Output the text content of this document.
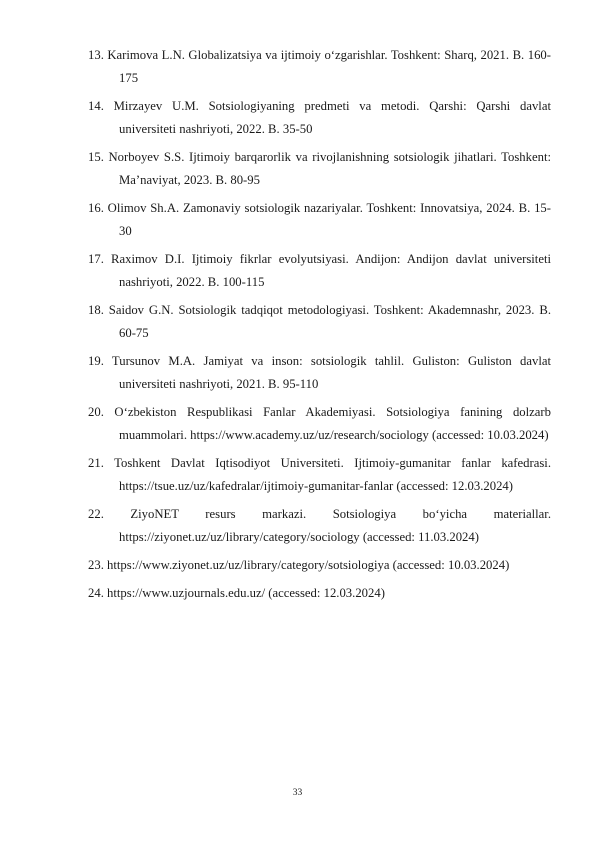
13. Karimova L.N. Globalizatsiya va ijtimoiy o‘zgarishlar. Toshkent: Sharq, 2021. B. 160-175
14. Mirzayev U.M. Sotsiologiyaning predmeti va metodi. Qarshi: Qarshi davlat universiteti nashriyoti, 2022. B. 35-50
15. Norboyev S.S. Ijtimoiy barqarorlik va rivojlanishning sotsiologik jihatlari. Toshkent: Ma’naviyat, 2023. B. 80-95
16. Olimov Sh.A. Zamonaviy sotsiologik nazariyalar. Toshkent: Innovatsiya, 2024. B. 15-30
17. Raximov D.I. Ijtimoiy fikrlar evolyutsiyasi. Andijon: Andijon davlat universiteti nashriyoti, 2022. B. 100-115
18. Saidov G.N. Sotsiologik tadqiqot metodologiyasi. Toshkent: Akademnashr, 2023. B. 60-75
19. Tursunov M.A. Jamiyat va inson: sotsiologik tahlil. Guliston: Guliston davlat universiteti nashriyoti, 2021. B. 95-110
20. O‘zbekiston Respublikasi Fanlar Akademiyasi. Sotsiologiya fanining dolzarb muammolari. https://www.academy.uz/uz/research/sociology (accessed: 10.03.2024)
21. Toshkent Davlat Iqtisodiyot Universiteti. Ijtimoiy-gumanitar fanlar kafedrasi. https://tsue.uz/uz/kafedralar/ijtimoiy-gumanitar-fanlar (accessed: 12.03.2024)
22. ZiyoNET resurs markazi. Sotsiologiya bo‘yicha materiallar. https://ziyonet.uz/uz/library/category/sociology (accessed: 11.03.2024)
23. https://www.ziyonet.uz/uz/library/category/sotsiologiya (accessed: 10.03.2024)
24. https://www.uzjournals.edu.uz/ (accessed: 12.03.2024)
33
